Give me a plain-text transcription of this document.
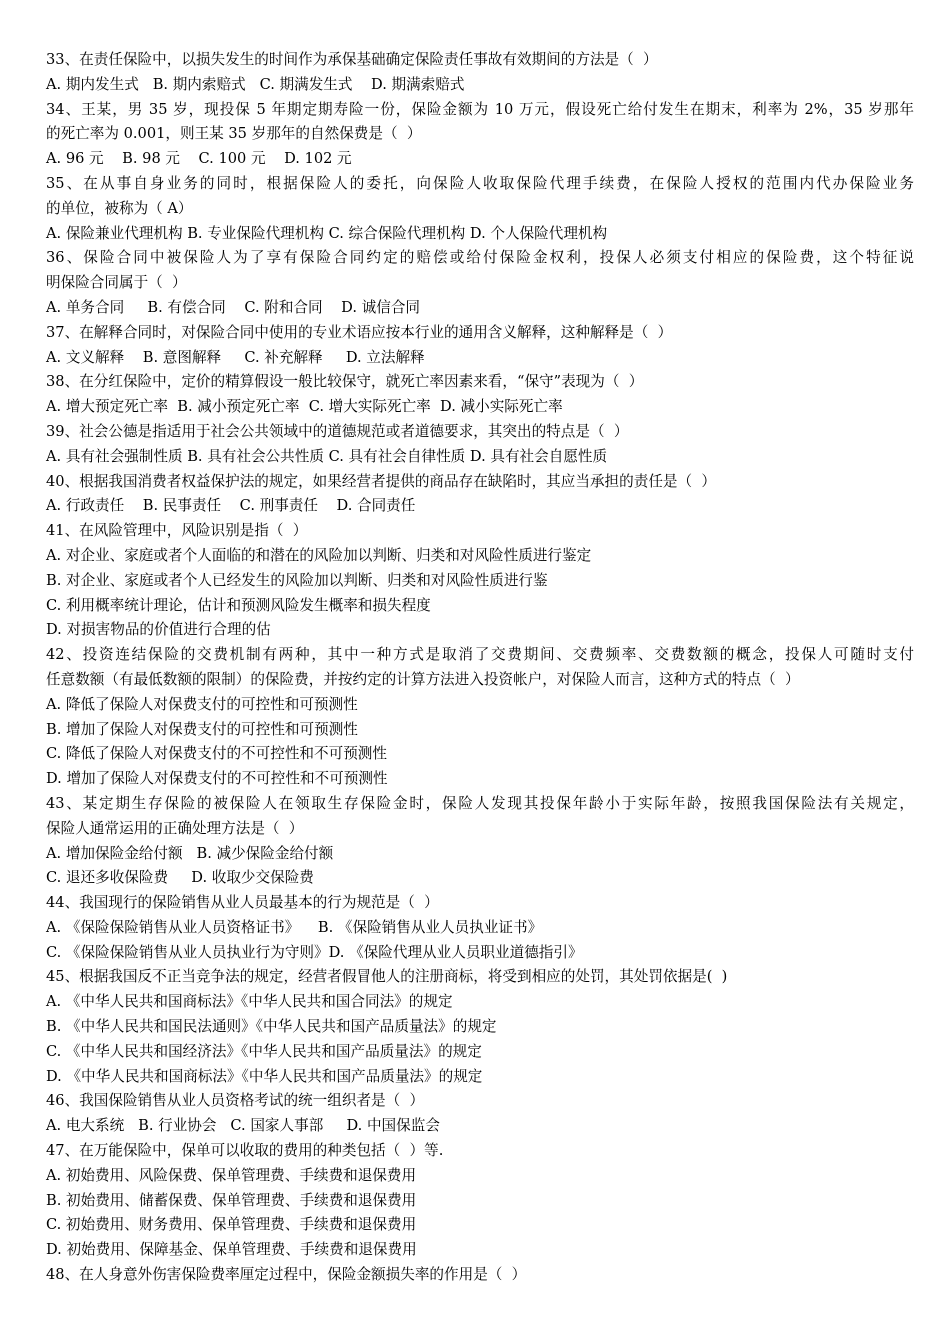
33、在责任保险中，以损失发生的时间作为承保基础确定保险责任事故有效期间的方法是（  ）

A. 期内发生式   B. 期内索赔式   C. 期满发生式    D. 期满索赔式

34、王某，男 35 岁，现投保 5 年期定期寿险一份，保险金额为 10 万元，假设死亡给付发生在期末，利率为 2%，35 岁那年

的死亡率为 0.001，则王某 35 岁那年的自然保费是（  ）

A. 96 元    B. 98 元    C. 100 元    D. 102 元

35、在从事自身业务的同时，根据保险人的委托，向保险人收取保险代理手续费，在保险人授权的范围内代办保险业务

的单位，被称为（ A）

A. 保险兼业代理机构 B. 专业保险代理机构 C. 综合保险代理机构 D. 个人保险代理机构

36、保险合同中被保险人为了享有保险合同约定的赔偿或给付保险金权利，投保人必须支付相应的保险费，这个特征说

明保险合同属于（  ）

A. 单务合同     B. 有偿合同    C. 附和合同    D. 诚信合同

37、在解释合同时，对保险合同中使用的专业术语应按本行业的通用含义解释，这种解释是（  ）

A. 文义解释    B. 意图解释     C. 补充解释     D. 立法解释

38、在分红保险中，定价的精算假设一般比较保守，就死亡率因素来看，“保守”表现为（  ）

A. 增大预定死亡率  B. 减小预定死亡率  C. 增大实际死亡率  D. 减小实际死亡率

39、社会公德是指适用于社会公共领域中的道德规范或者道德要求，其突出的特点是（  ）

A. 具有社会强制性质 B. 具有社会公共性质 C. 具有社会自律性质 D. 具有社会自愿性质

40、根据我国消费者权益保护法的规定，如果经营者提供的商品存在缺陷时，其应当承担的责任是（  ）

A. 行政责任    B. 民事责任    C. 刑事责任    D. 合同责任

41、在风险管理中，风险识别是指（  ）

A. 对企业、家庭或者个人面临的和潜在的风险加以判断、归类和对风险性质进行鉴定

B. 对企业、家庭或者个人已经发生的风险加以判断、归类和对风险性质进行鉴

C. 利用概率统计理论，估计和预测风险发生概率和损失程度

D. 对损害物品的价值进行合理的估

42、投资连结保险的交费机制有两种，其中一种方式是取消了交费期间、交费频率、交费数额的概念，投保人可随时支付

任意数额（有最低数额的限制）的保险费，并按约定的计算方法进入投资帐户，对保险人而言，这种方式的特点（  ）

A. 降低了保险人对保费支付的可控性和可预测性

B. 增加了保险人对保费支付的可控性和可预测性

C. 降低了保险人对保费支付的不可控性和不可预测性

D. 增加了保险人对保费支付的不可控性和不可预测性

43、某定期生存保险的被保险人在领取生存保险金时，保险人发现其投保年龄小于实际年龄，按照我国保险法有关规定，

保险人通常运用的正确处理方法是（  ）

A. 增加保险金给付额   B. 减少保险金给付额

C. 退还多收保险费     D. 收取少交保险费

44、我国现行的保险销售从业人员最基本的行为规范是（  ）

A. 《保险保险销售从业人员资格证书》    B. 《保险销售从业人员执业证书》

C. 《保险保险销售从业人员执业行为守则》D. 《保险代理从业人员职业道德指引》

45、根据我国反不正当竞争法的规定，经营者假冒他人的注册商标，将受到相应的处罚，其处罚依据是(  )

A. 《中华人民共和国商标法》《中华人民共和国合同法》的规定

B. 《中华人民共和国民法通则》《中华人民共和国产品质量法》的规定

C. 《中华人民共和国经济法》《中华人民共和国产品质量法》的规定

D. 《中华人民共和国商标法》《中华人民共和国产品质量法》的规定

46、我国保险销售从业人员资格考试的统一组织者是（  ）

A. 电大系统   B. 行业协会   C. 国家人事部     D. 中国保监会

47、在万能保险中，保单可以收取的费用的种类包括（  ）等.

A. 初始费用、风险保费、保单管理费、手续费和退保费用

B. 初始费用、储蓄保费、保单管理费、手续费和退保费用

C. 初始费用、财务费用、保单管理费、手续费和退保费用

D. 初始费用、保障基金、保单管理费、手续费和退保费用

48、在人身意外伤害保险费率厘定过程中，保险金额损失率的作用是（  ）
